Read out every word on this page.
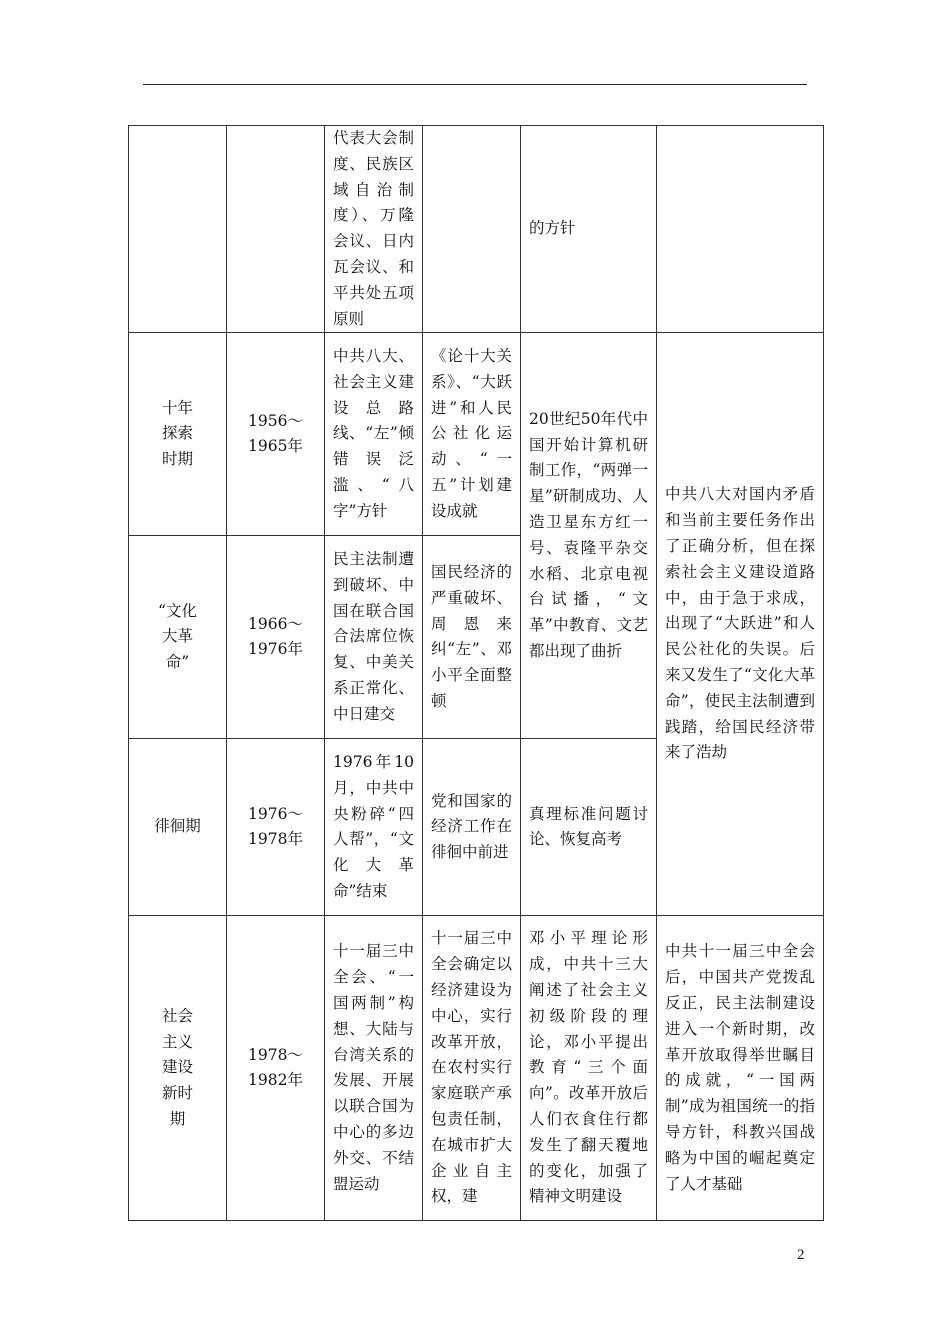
		代表大会制度、民族区域自治制度）、万隆会议、日内瓦会议、和平共处五项原则		的方针	

十年探索时期	1956～1965年	中共八大、社会主义建设总路线、“左”倾错误泛滥、“八字”方针	《论十大关系》、“大跃进”和人民公社化运动、“一五”计划建设成就	20世纪50年代中国开始计算机研制工作，“两弹一星”研制成功、人造卫星东方红一号、袁隆平杂交水稻、北京电视台试播，“文革”中教育、文艺都出现了曲折	中共八大对国内矛盾和当前主要任务作出了正确分析，但在探索社会主义建设道路中，由于急于求成，出现了“大跃进”和人民公社化的失误。后来又发生了“文化大革命”，使民主法制遭到践踏，给国民经济带来了浩劫

“文化大革命”	1966～1976年	民主法制遭到破坏、中国在联合国合法席位恢复、中美关系正常化、中日建交	国民经济的严重破坏、周恩来纠“左”、邓小平全面整顿		
徘徊期	1976～1978年	1976年10月，中共中央粉碎“四人帮”，“文化大革命”结束	党和国家的经济工作在徘徊中前进	真理标准问题讨论、恢复高考	

社会主义建设新时期	1978～1982年	十一届三中全会、“一国两制”构想、大陆与台湾关系的发展、开展以联合国为中心的多边外交、不结盟运动	十一届三中全会确定以经济建设为中心，实行改革开放，在农村实行家庭联产承包责任制，在城市扩大企业自主权，建	邓小平理论形成，中共十三大阐述了社会主义初级阶段的理论，邓小平提出教育“三个面向”。改革开放后人们衣食住行都发生了翻天覆地的变化，加强了精神文明建设	中共十一届三中全会后，中国共产党拨乱反正，民主法制建设进入一个新时期，改革开放取得举世瞩目的成就，“一国两制”成为祖国统一的指导方针，科教兴国战略为中国的崛起奠定了人才基础
2
